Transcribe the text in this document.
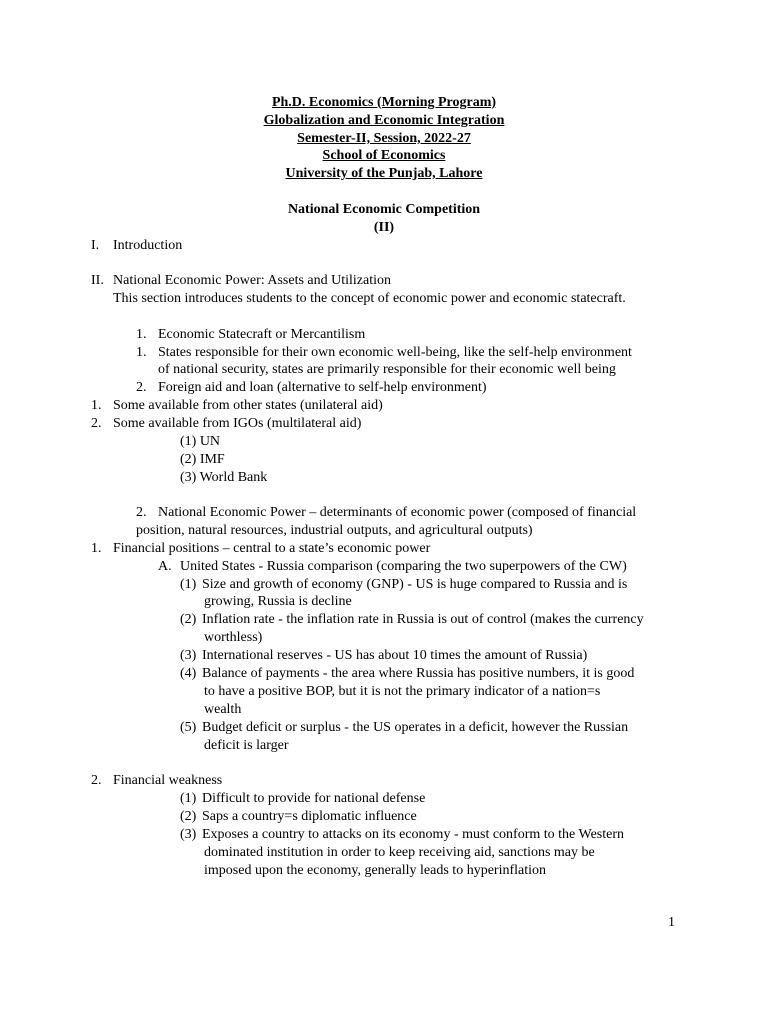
Ph.D. Economics (Morning Program)
Globalization and Economic Integration
Semester-II, Session, 2022-27
School of Economics
University of the Punjab, Lahore
National Economic Competition
(II)
I. Introduction
II. National Economic Power: Assets and Utilization
This section introduces students to the concept of economic power and economic statecraft.
1. Economic Statecraft or Mercantilism
1. States responsible for their own economic well-being, like the self-help environment
of national security, states are primarily responsible for their economic well being
2. Foreign aid and loan (alternative to self-help environment)
1. Some available from other states (unilateral aid)
2. Some available from IGOs (multilateral aid)
(1) UN
(2) IMF
(3) World Bank
2. National Economic Power – determinants of economic power (composed of financial
position, natural resources, industrial outputs, and agricultural outputs)
1. Financial positions – central to a state’s economic power
A. United States - Russia comparison (comparing the two superpowers of the CW)
(1) Size and growth of economy (GNP) - US is huge compared to Russia and is
growing, Russia is decline
(2) Inflation rate - the inflation rate in Russia is out of control (makes the currency
worthless)
(3) International reserves - US has about 10 times the amount of Russia)
(4) Balance of payments - the area where Russia has positive numbers, it is good
to have a positive BOP, but it is not the primary indicator of a nation=s
wealth
(5) Budget deficit or surplus - the US operates in a deficit, however the Russian
deficit is larger
2. Financial weakness
(1) Difficult to provide for national defense
(2) Saps a country=s diplomatic influence
(3) Exposes a country to attacks on its economy - must conform to the Western
dominated institution in order to keep receiving aid, sanctions may be
imposed upon the economy, generally leads to hyperinflation
1
